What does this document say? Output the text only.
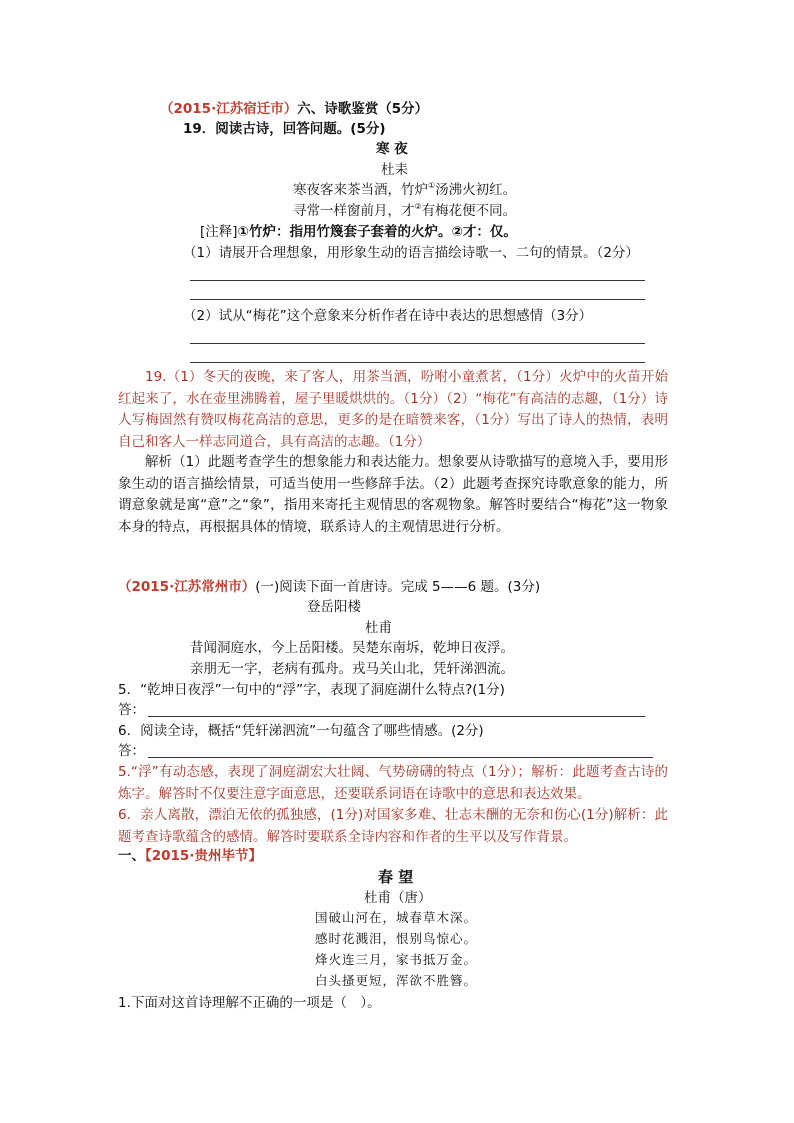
（2015·江苏宿迁市）六、诗歌鉴赏（5分）
19．阅读古诗，回答问题。(5分)
寒 夜
杜耒
寒夜客来茶当酒，竹炉①汤沸火初红。
寻常一样窗前月，才②有梅花便不同。
[注释]①竹炉：指用竹篾套子套着的火炉。②才：仅。
（1）请展开合理想象，用形象生动的语言描绘诗歌一、二句的情景。（2分）
（2）试从“梅花”这个意象来分析作者在诗中表达的思想感情（3分）
19.（1）冬天的夜晚，来了客人，用茶当酒，吩咐小童煮茗，（1分）火炉中的火苗开始红起来了，水在壶里沸腾着，屋子里暖烘烘的。（1分）（2）“梅花”有高洁的志趣，（1分）诗人写梅固然有赞叹梅花高洁的意思，更多的是在暗赞来客，（1分）写出了诗人的热情，表明自己和客人一样志同道合，具有高洁的志趣。（1分）
解析（1）此题考查学生的想象能力和表达能力。想象要从诗歌描写的意境入手，要用形象生动的语言描绘情景，可适当使用一些修辞手法。（2）此题考查探究诗歌意象的能力，所谓意象就是寓“意”之“象”，指用来寄托主观情思的客观物象。解答时要结合“梅花”这一物象本身的特点，再根据具体的情境，联系诗人的主观情思进行分析。
（2015·江苏常州市）(一)阅读下面一首唐诗。完成 5——6 题。(3分)
登岳阳楼
杜甫
昔闻洞庭水，今上岳阳楼。吴楚东南坼，乾坤日夜浮。
亲朋无一字，老病有孤舟。戎马关山北，凭轩涕泗流。
5．“乾坤日夜浮”一句中的“浮”字，表现了洞庭湖什么特点?(1分)
答：
6．阅读全诗，概括“凭轩涕泗流”一句蕴含了哪些情感。(2分)
答：
5.“浮”有动态感，表现了洞庭湖宏大壮阔、气势磅礴的特点（1分）；解析：此题考查古诗的炼字。解答时不仅要注意字面意思，还要联系词语在诗歌中的意思和表达效果。
6．亲人离散，漂泊无依的孤独感，(1分)对国家多难、壮志未酬的无奈和伤心(1分)解析：此题考查诗歌蕴含的感情。解答时要联系全诗内容和作者的生平以及写作背景。
一、【2015·贵州毕节】
春 望
杜甫（唐）
国破山河在，城春草木深。
感时花溅泪，恨别鸟惊心。
烽火连三月，家书抵万金。
白头搔更短，浑欲不胜簪。
1.下面对这首诗理解不正确的一项是（　）。
